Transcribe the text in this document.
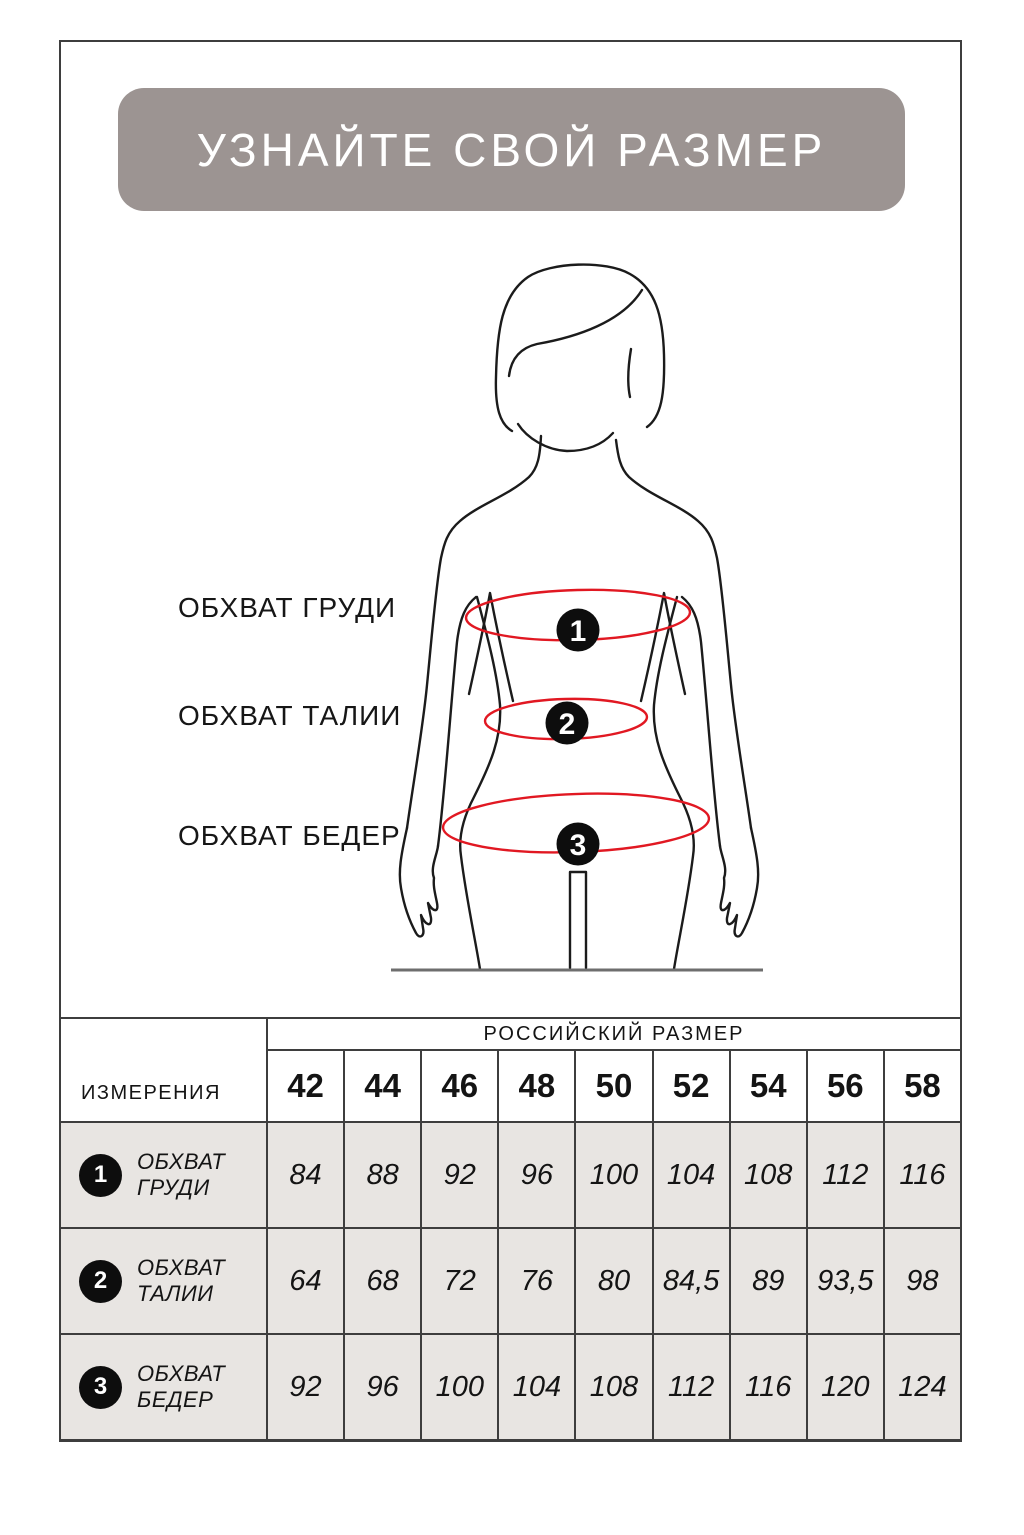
УЗНАЙТЕ СВОЙ РАЗМЕР
ОБХВАТ ГРУДИ
ОБХВАТ ТАЛИИ
ОБХВАТ БЕДЕР
1
2
3
ИЗМЕРЕНИЯ	РОССИЙСКИЙ РАЗМЕР								
	42	44	46	48	50	52	54	56	58

1 ОБХВАТ ГРУДИ	84	88	92	96	100	104	108	112	116

2 ОБХВАТ ТАЛИИ	64	68	72	76	80	84,5	89	93,5	98

3 ОБХВАТ БЕДЕР	92	96	100	104	108	112	116	120	124
